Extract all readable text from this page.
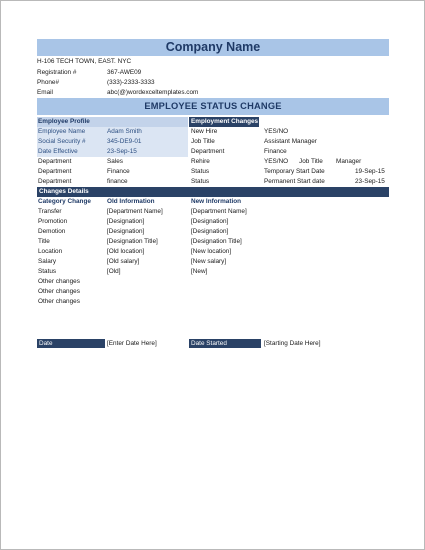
Company Name
H-106 TECH TOWN, EAST. NYC
Registration #	367-AWE09
Phone#	(333)-2333-3333
Email	abc(@)wordexceltemplates.com
EMPLOYEE STATUS CHANGE
Employee Profile
Employee Name	Adam Smith
Social Security #	345-DE9-01
Date Effective	23-Sep-15
Department	Sales
Department	Finance
Department	finance
Employment Changes
New Hire	YES/NO
Job Title	Assistant Manager
Department	Finance
Rehire	YES/NO Job Title Manager
Status	Temporary Start Date	19-Sep-15
Status	Permanent Start date	23-Sep-15
Changes Details
Category Change	Old Information	New Information
Transfer	[Department Name]	[Department Name]
Promotion	[Designation]	[Designation]
Demotion	[Designation]	[Designation]
Title	[Designation Title]	[Designation Title]
Location	[Old location]	[New location]
Salary	[Old salary]	[New salary]
Status	[Old]	[New]
Other changes
Other changes
Other changes
Date	[Enter Date Here]	Date Started	[Starting Date Here]
